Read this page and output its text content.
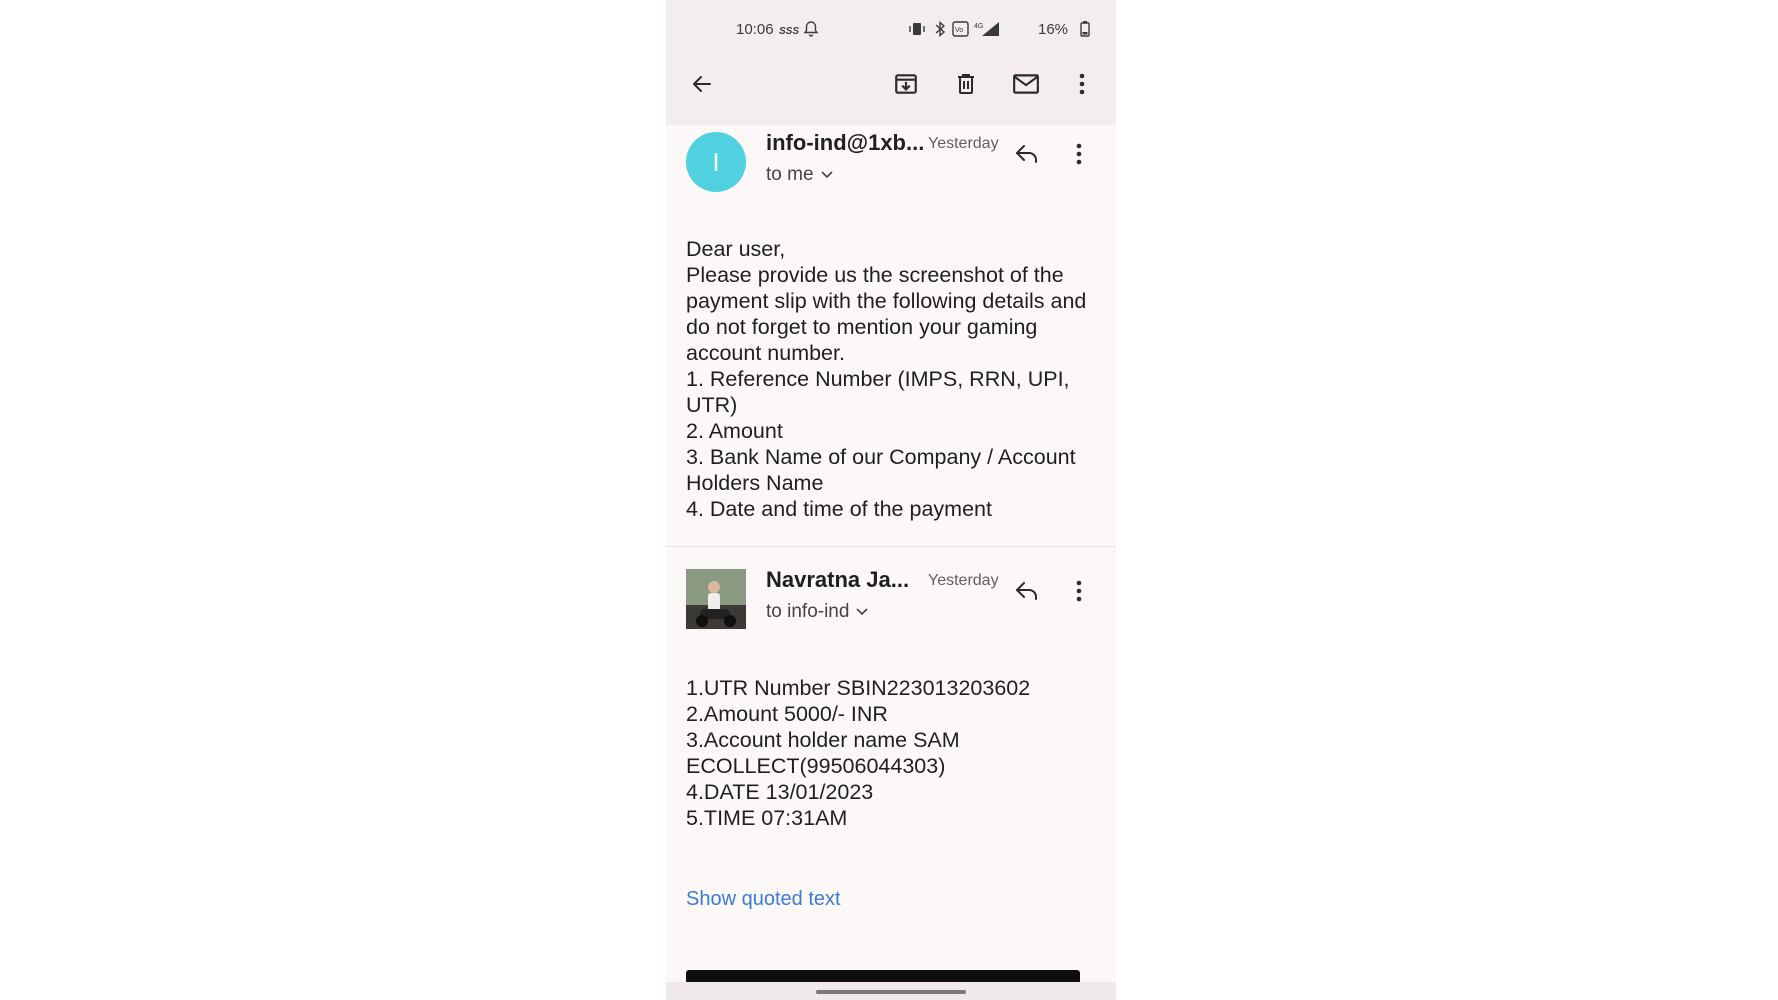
10:06 SSS	Vo
4G	16%
I
info-ind@1xb... Yesterday
to me
Dear user,
Please provide us the screenshot of the payment slip with the following details and do not forget to mention your gaming account number.
1. Reference Number (IMPS, RRN, UPI, UTR)
2. Amount
3. Bank Name of our Company / Account Holders Name
4. Date and time of the payment
Navratna Ja... Yesterday
to info-ind
1.UTR Number SBIN223013203602
2.Amount 5000/- INR
3.Account holder name SAM ECOLLECT(99506044303)
4.DATE 13/01/2023
5.TIME 07:31AM
Show quoted text
